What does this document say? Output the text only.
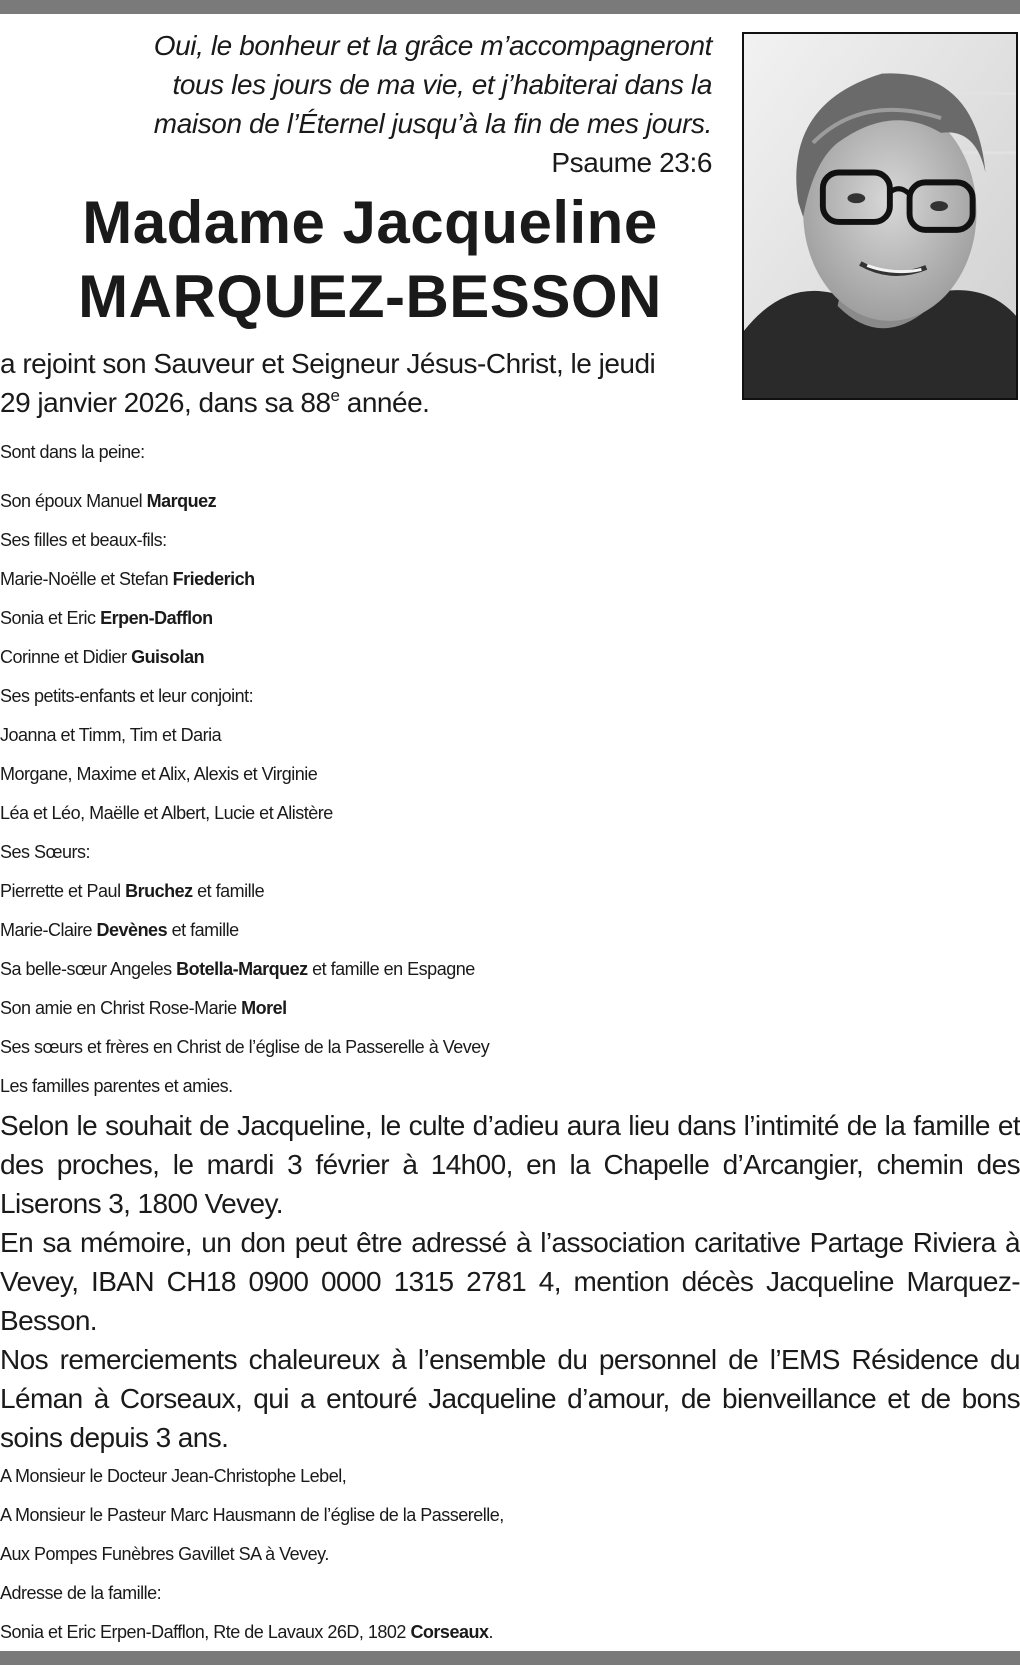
Oui, le bonheur et la grâce m’accompagneront
tous les jours de ma vie, et j’habiterai dans la
maison de l’Éternel jusqu’à la fin de mes jours.
Psaume 23:6
Madame Jacqueline
MARQUEZ-BESSON
a rejoint son Sauveur et Seigneur Jésus-Christ, le jeudi
29 janvier 2026, dans sa 88e année.
Sont dans la peine:
Son époux Manuel Marquez
Ses filles et beaux-fils:
Marie-Noëlle et Stefan Friederich
Sonia et Eric Erpen-Dafflon
Corinne et Didier Guisolan
Ses petits-enfants et leur conjoint:
Joanna et Timm, Tim et Daria
Morgane, Maxime et Alix, Alexis et Virginie
Léa et Léo, Maëlle et Albert, Lucie et Alistère
Ses Sœurs:
Pierrette et Paul Bruchez et famille
Marie-Claire Devènes et famille
Sa belle-sœur Angeles Botella-Marquez et famille en Espagne
Son amie en Christ Rose-Marie Morel
Ses sœurs et frères en Christ de l’église de la Passerelle à Vevey
Les familles parentes et amies.
Selon le souhait de Jacqueline, le culte d’adieu aura lieu dans l’intimité de la famille et des proches, le mardi 3 février à 14h00, en la Chapelle d’Arcangier, chemin des Liserons 3, 1800 Vevey.
En sa mémoire, un don peut être adressé à l’association caritative Partage Riviera à Vevey, IBAN CH18 0900 0000 1315 2781 4, mention décès Jacqueline Marquez-Besson.
Nos remerciements chaleureux à l’ensemble du personnel de l’EMS Résidence du Léman à Corseaux, qui a entouré Jacqueline d’amour, de bienveillance et de bons soins depuis 3 ans.
A Monsieur le Docteur Jean-Christophe Lebel,
A Monsieur le Pasteur Marc Hausmann de l’église de la Passerelle,
Aux Pompes Funèbres Gavillet SA à Vevey.
Adresse de la famille:
Sonia et Eric Erpen-Dafflon, Rte de Lavaux 26D, 1802 Corseaux.
